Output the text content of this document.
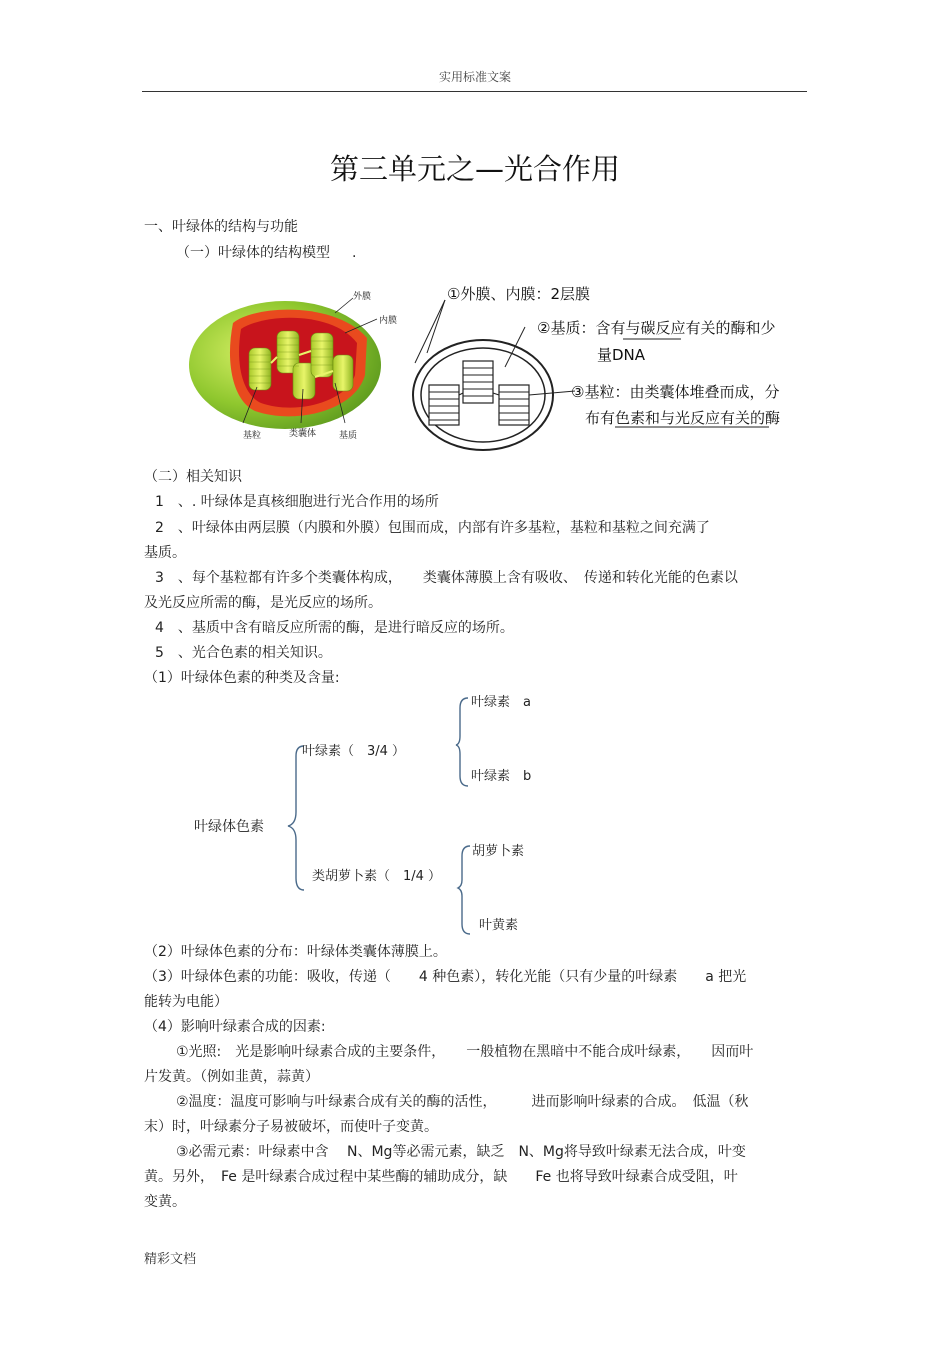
实用标准文案
第三单元之—光合作用
一、叶绿体的结构与功能
（一）叶绿体的结构模型 .
外膜
内膜
基粒	类囊体	基质
①外膜、内膜：2层膜
②基质：含有与碳反应有关的酶和少
量DNA
③基粒：由类囊体堆叠而成，分
布有色素和与光反应有关的酶
（二）相关知识
1　、. 叶绿体是真核细胞进行光合作用的场所
2　、叶绿体由两层膜（内膜和外膜）包围而成，内部有许多基粒，基粒和基粒之间充满了
基质。
3　、每个基粒都有许多个类囊体构成，　　类囊体薄膜上含有吸收、　传递和转化光能的色素以
及光反应所需的酶，是光反应的场所。
4　、基质中含有暗反应所需的酶，是进行暗反应的场所。
5　、光合色素的相关知识。
（1）叶绿体色素的种类及含量:
叶绿体色素
叶绿素（　3/4 ）
类胡萝卜素（　1/4 ）
叶绿素　a
叶绿素　b
胡萝卜素
叶黄素
（2）叶绿体色素的分布：叶绿体类囊体薄膜上。
（3）叶绿体色素的功能：吸收，传递（　　4 种色素），转化光能（只有少量的叶绿素　　a 把光
能转为电能）
（4）影响叶绿素合成的因素:
①光照:　光是影响叶绿素合成的主要条件，　　一般植物在黑暗中不能合成叶绿素，　　因而叶
片发黄。（例如韭黄，蒜黄）
②温度：温度可影响与叶绿素合成有关的酶的活性，　　　进而影响叶绿素的合成。　低温（秋
末）时，叶绿素分子易被破坏，而使叶子变黄。
③必需元素：叶绿素中含　 N、Mg等必需元素，缺乏　N、Mg将导致叶绿素无法合成，叶变
黄。另外，　Fe 是叶绿素合成过程中某些酶的辅助成分，缺　　Fe 也将导致叶绿素合成受阻，叶
变黄。
精彩文档
